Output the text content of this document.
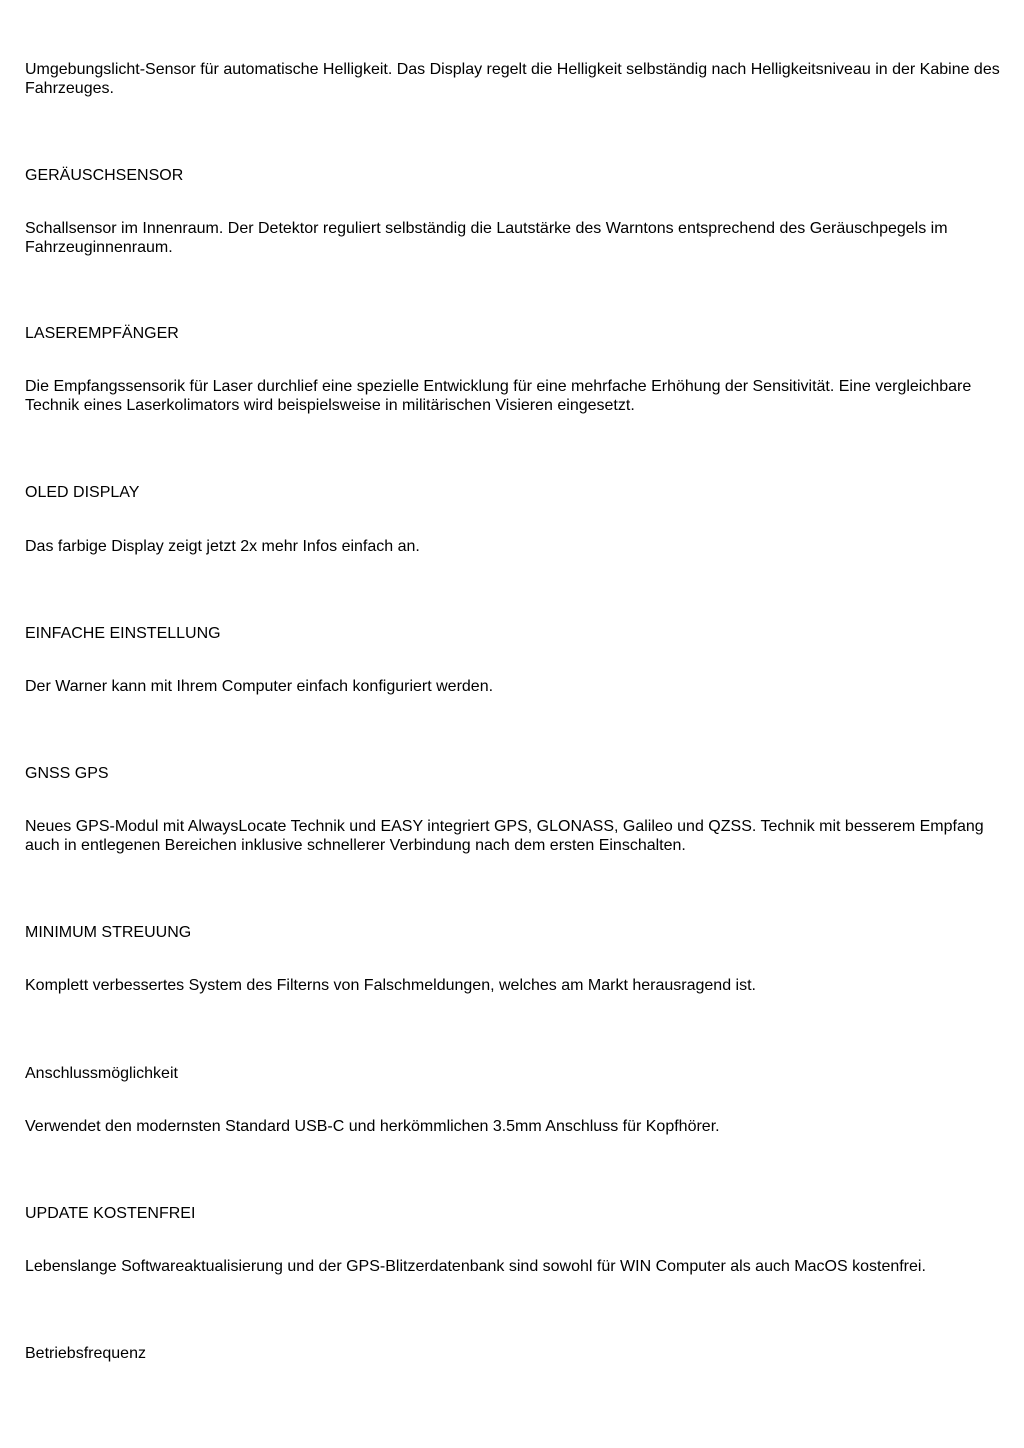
Umgebungslicht-Sensor für automatische Helligkeit. Das Display regelt die Helligkeit selbständig nach Helligkeitsniveau in der Kabine des Fahrzeuges.

GERÄUSCHSENSOR

Schallsensor im Innenraum. Der Detektor reguliert selbständig die Lautstärke des Warntons entsprechend des Geräuschpegels im Fahrzeuginnenraum.

LASEREMPFÄNGER

Die Empfangssensorik für Laser durchlief eine spezielle Entwicklung für eine mehrfache Erhöhung der Sensitivität. Eine vergleichbare Technik eines Laserkolimators wird beispielsweise in militärischen Visieren eingesetzt.

OLED DISPLAY

Das farbige Display zeigt jetzt 2x mehr Infos einfach an.

EINFACHE EINSTELLUNG

Der Warner kann mit Ihrem Computer einfach konfiguriert werden.

GNSS GPS

Neues GPS-Modul mit AlwaysLocate Technik und EASY integriert GPS, GLONASS, Galileo und QZSS. Technik mit besserem Empfang auch in entlegenen Bereichen inklusive schnellerer Verbindung nach dem ersten Einschalten.

MINIMUM STREUUNG

Komplett verbessertes System des Filterns von Falschmeldungen, welches am Markt herausragend ist.

Anschlussmöglichkeit

Verwendet den modernsten Standard USB-C und herkömmlichen 3.5mm Anschluss für Kopfhörer.

UPDATE KOSTENFREI

Lebenslange Softwareaktualisierung und der GPS-Blitzerdatenbank sind sowohl für WIN Computer als auch MacOS kostenfrei.

Betriebsfrequenz
